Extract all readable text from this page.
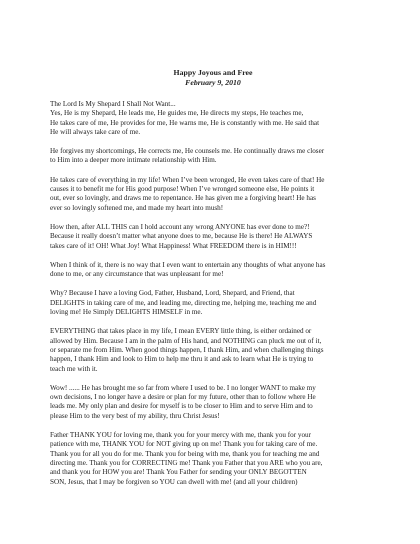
Happy Joyous and Free

February 9, 2010

The Lord Is My Shepard I Shall Not Want...
Yes, He is my Shepard, He leads me, He guides me, He directs my steps, He teaches me,
He takes care of me, He provides for me, He warns me, He is constantly with me. He said that
He will always take care of me.
He forgives my shortcomings, He corrects me, He counsels me. He continually draws me closer
to Him into a deeper more intimate relationship with Him.
He takes care of everything in my life! When I’ve been wronged, He even takes care of that! He
causes it to benefit me for His good purpose! When I’ve wronged someone else, He points it
out, ever so lovingly, and draws me to repentance. He has given me a forgiving heart! He has
ever so lovingly softened me, and made my heart into mush!
How then, after ALL THIS can I hold account any wrong ANYONE has ever done to me?!
Because it really doesn’t matter what anyone does to me, because He is there! He ALWAYS
takes care of it! OH! What Joy! What Happiness! What FREEDOM there is in HIM!!!
When I think of it, there is no way that I even want to entertain any thoughts of what anyone has
done to me, or any circumstance that was unpleasant for me!
Why? Because I have a loving God, Father, Husband, Lord, Shepard, and Friend, that
DELIGHTS in taking care of me, and leading me, directing me, helping me, teaching me and
loving me! He Simply DELIGHTS HIMSELF in me.
EVERYTHING that takes place in my life, I mean EVERY little thing, is either ordained or
allowed by Him. Because I am in the palm of His hand, and NOTHING can pluck me out of it,
or separate me from Him. When good things happen, I thank Him, and when challenging things
happen, I thank Him and look to Him to help me thru it and ask to learn what He is trying to
teach me with it.
Wow! ...... He has brought me so far from where I used to be. I no longer WANT to make my
own decisions, I no longer have a desire or plan for my future, other than to follow where He
leads me. My only plan and desire for myself is to be closer to Him and to serve Him and to
please Him to the very best of my ability, thru Christ Jesus!
Father THANK YOU for loving me, thank you for your mercy with me, thank you for your
patience with me, THANK YOU for NOT giving up on me! Thank you for taking care of me.
Thank you for all you do for me. Thank you for being with me, thank you for teaching me and
directing me. Thank you for CORRECTING me! Thank you Father that you ARE who you are,
and thank you for HOW you are! Thank You Father for sending your ONLY BEGOTTEN
SON, Jesus, that I may be forgiven so YOU can dwell with me! (and all your children)
